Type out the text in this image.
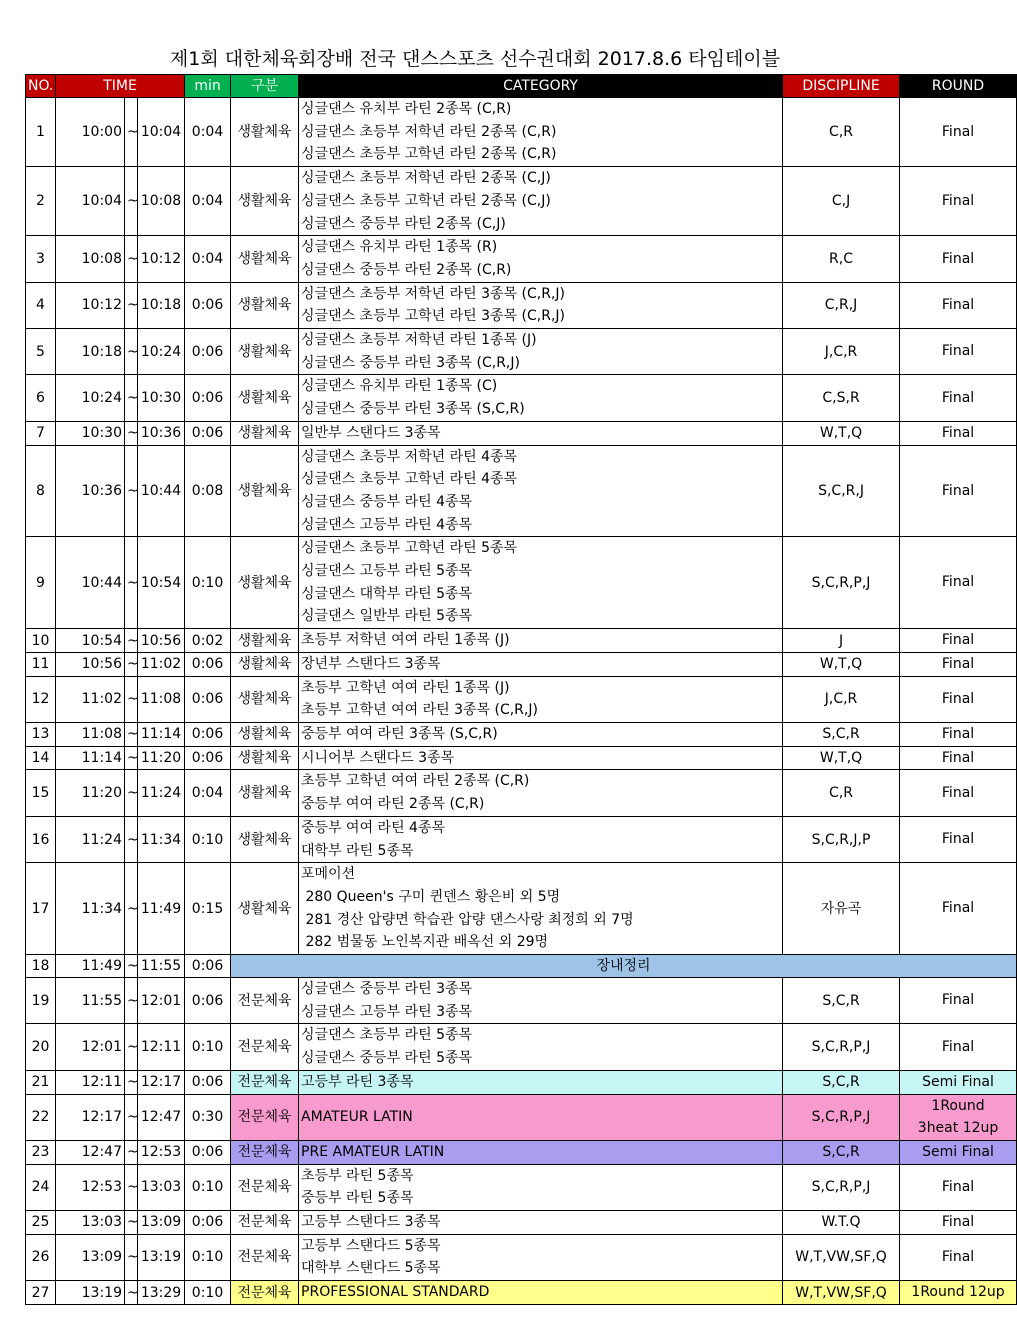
제1회 대한체육회장배 전국 댄스스포츠 선수권대회 2017.8.6 타임테이블
NO.	TIME			min	구분	CATEGORY	DISCIPLINE	ROUND
1	10:00	~	10:04	0:04	생활체육	싱글댄스 유치부 라틴 2종목 (C,R)
싱글댄스 초등부 저학년 라틴 2종목 (C,R)
싱글댄스 초등부 고학년 라틴 2종목 (C,R)	C,R	Final

2	10:04	~	10:08	0:04	생활체육	싱글댄스 초등부 저학년 라틴 2종목 (C,J)
싱글댄스 초등부 고학년 라틴 2종목 (C,J)
싱글댄스 중등부 라틴 2종목 (C,J)	C,J	Final

3	10:08	~	10:12	0:04	생활체육	싱글댄스 유치부 라틴 1종목 (R)
싱글댄스 중등부 라틴 2종목 (C,R)	R,C	Final

4	10:12	~	10:18	0:06	생활체육	싱글댄스 초등부 저학년 라틴 3종목 (C,R,J)
싱글댄스 초등부 고학년 라틴 3종목 (C,R,J)	C,R,J	Final

5	10:18	~	10:24	0:06	생활체육	싱글댄스 초등부 저학년 라틴 1종목 (J)
싱글댄스 중등부 라틴 3종목 (C,R,J)	J,C,R	Final

6	10:24	~	10:30	0:06	생활체육	싱글댄스 유치부 라틴 1종목 (C)
싱글댄스 중등부 라틴 3종목 (S,C,R)	C,S,R	Final

7	10:30	~	10:36	0:06	생활체육	일반부 스탠다드 3종목	W,T,Q	Final

8	10:36	~	10:44	0:08	생활체육	싱글댄스 초등부 저학년 라틴 4종목
싱글댄스 초등부 고학년 라틴 4종목
싱글댄스 중등부 라틴 4종목
싱글댄스 고등부 라틴 4종목	S,C,R,J	Final

9	10:44	~	10:54	0:10	생활체육	싱글댄스 초등부 고학년 라틴 5종목
싱글댄스 고등부 라틴 5종목
싱글댄스 대학부 라틴 5종목
싱글댄스 일반부 라틴 5종목	S,C,R,P,J	Final

10	10:54	~	10:56	0:02	생활체육	초등부 저학년 여여 라틴 1종목 (J)	J	Final

11	10:56	~	11:02	0:06	생활체육	장년부 스탠다드 3종목	W,T,Q	Final

12	11:02	~	11:08	0:06	생활체육	초등부 고학년 여여 라틴 1종목 (J)
초등부 고학년 여여 라틴 3종목 (C,R,J)	J,C,R	Final

13	11:08	~	11:14	0:06	생활체육	중등부 여여 라틴 3종목 (S,C,R)	S,C,R	Final

14	11:14	~	11:20	0:06	생활체육	시니어부 스탠다드 3종목	W,T,Q	Final

15	11:20	~	11:24	0:04	생활체육	초등부 고학년 여여 라틴 2종목 (C,R)
중등부 여여 라틴 2종목 (C,R)	C,R	Final

16	11:24	~	11:34	0:10	생활체육	중등부 여여 라틴 4종목
대학부 라틴 5종목	S,C,R,J,P	Final

17	11:34	~	11:49	0:15	생활체육	포메이션
280 Queen's 구미 퀸덴스 황은비 외 5명
281 경산 압량면 학습관 압량 댄스사랑 최정희 외 7명
282 범물동 노인복지관 배옥선 외 29명	자유곡	Final

18	11:49	~	11:55	0:06	장내정리			
19	11:55	~	12:01	0:06	전문체육	싱글댄스 중등부 라틴 3종목
싱글댄스 고등부 라틴 3종목	S,C,R	Final

20	12:01	~	12:11	0:10	전문체육	싱글댄스 초등부 라틴 5종목
싱글댄스 중등부 라틴 5종목	S,C,R,P,J	Final

21	12:11	~	12:17	0:06	전문체육	고등부 라틴 3종목	S,C,R	Semi Final

22	12:17	~	12:47	0:30	전문체육	AMATEUR LATIN	S,C,R,P,J	1Round
3heat 12up

23	12:47	~	12:53	0:06	전문체육	PRE AMATEUR LATIN	S,C,R	Semi Final

24	12:53	~	13:03	0:10	전문체육	초등부 라틴 5종목
중등부 라틴 5종목	S,C,R,P,J	Final

25	13:03	~	13:09	0:06	전문체육	고등부 스탠다드 3종목	W.T.Q	Final

26	13:09	~	13:19	0:10	전문체육	고등부 스탠다드 5종목
대학부 스탠다드 5종목	W,T,VW,SF,Q	Final

27	13:19	~	13:29	0:10	전문체육	PROFESSIONAL STANDARD	W,T,VW,SF,Q	1Round 12up
